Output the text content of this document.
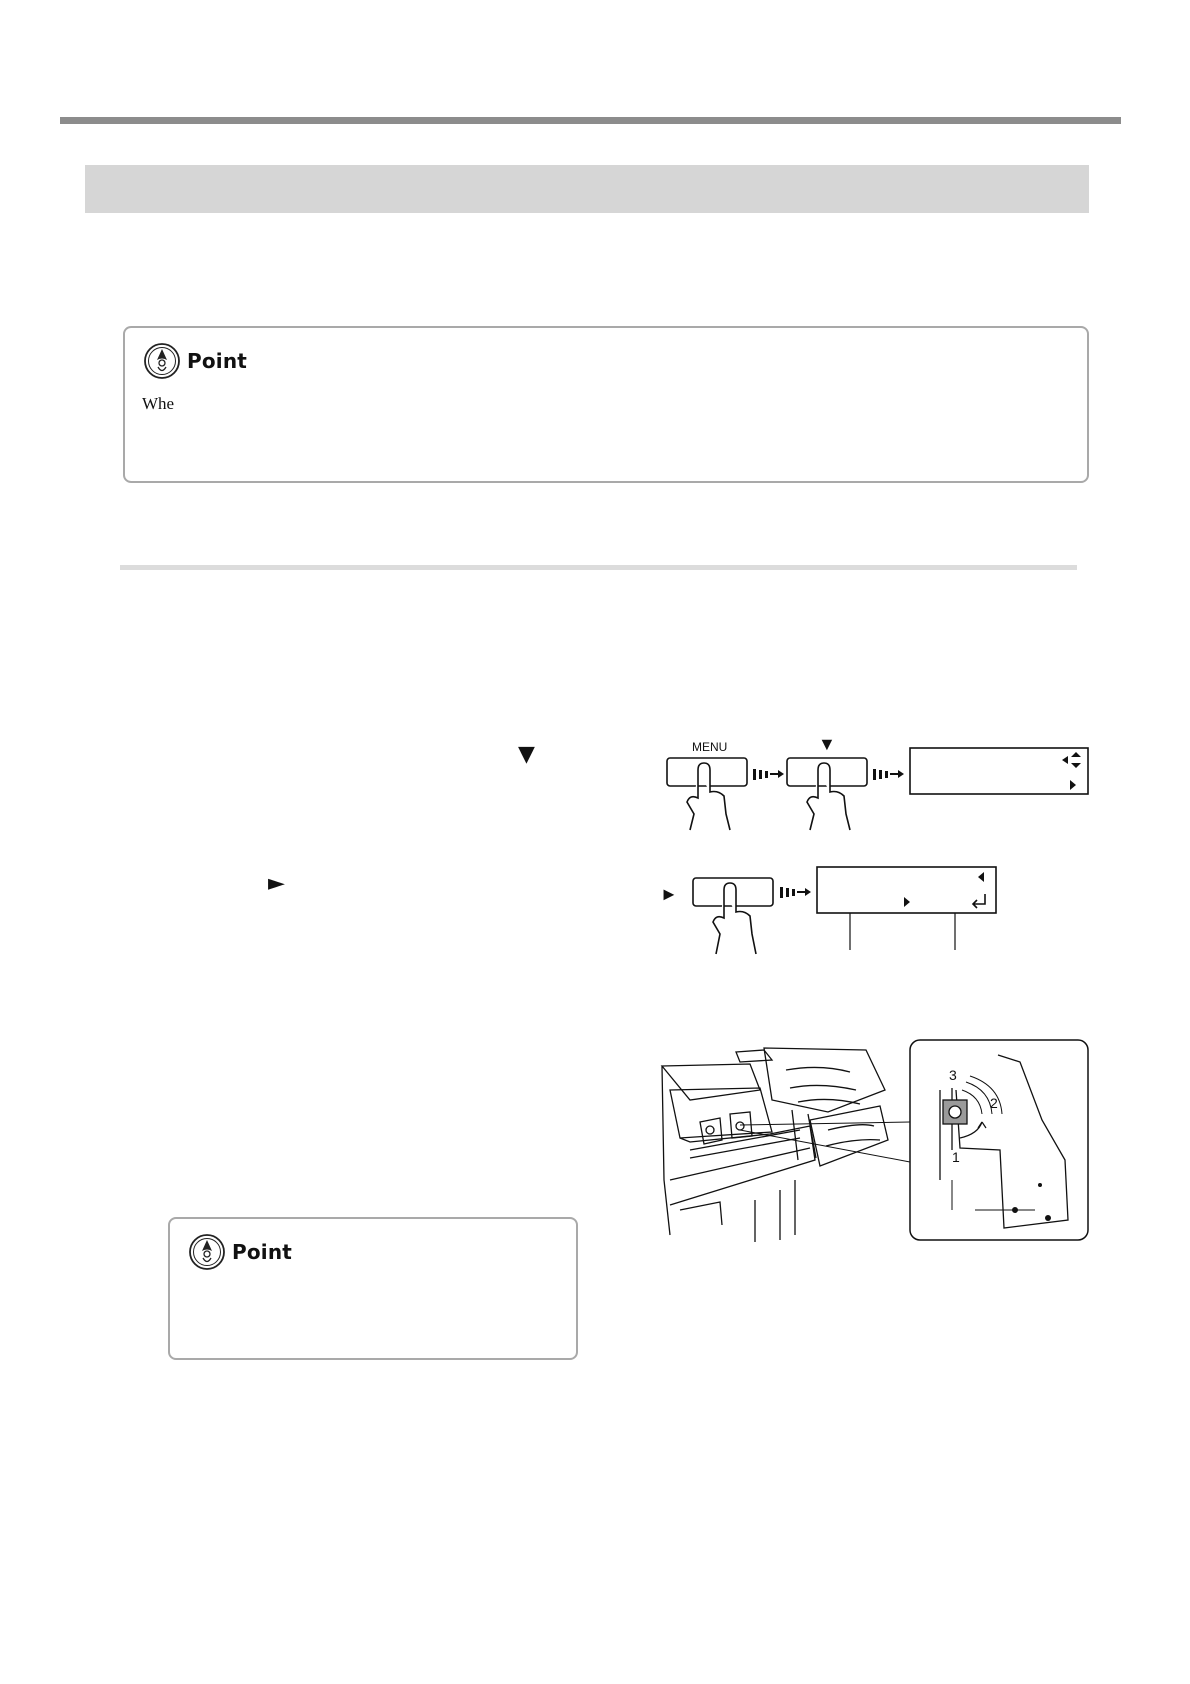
Point
Whe
▼
►
MENU	▼
►
3
2
1
Point
